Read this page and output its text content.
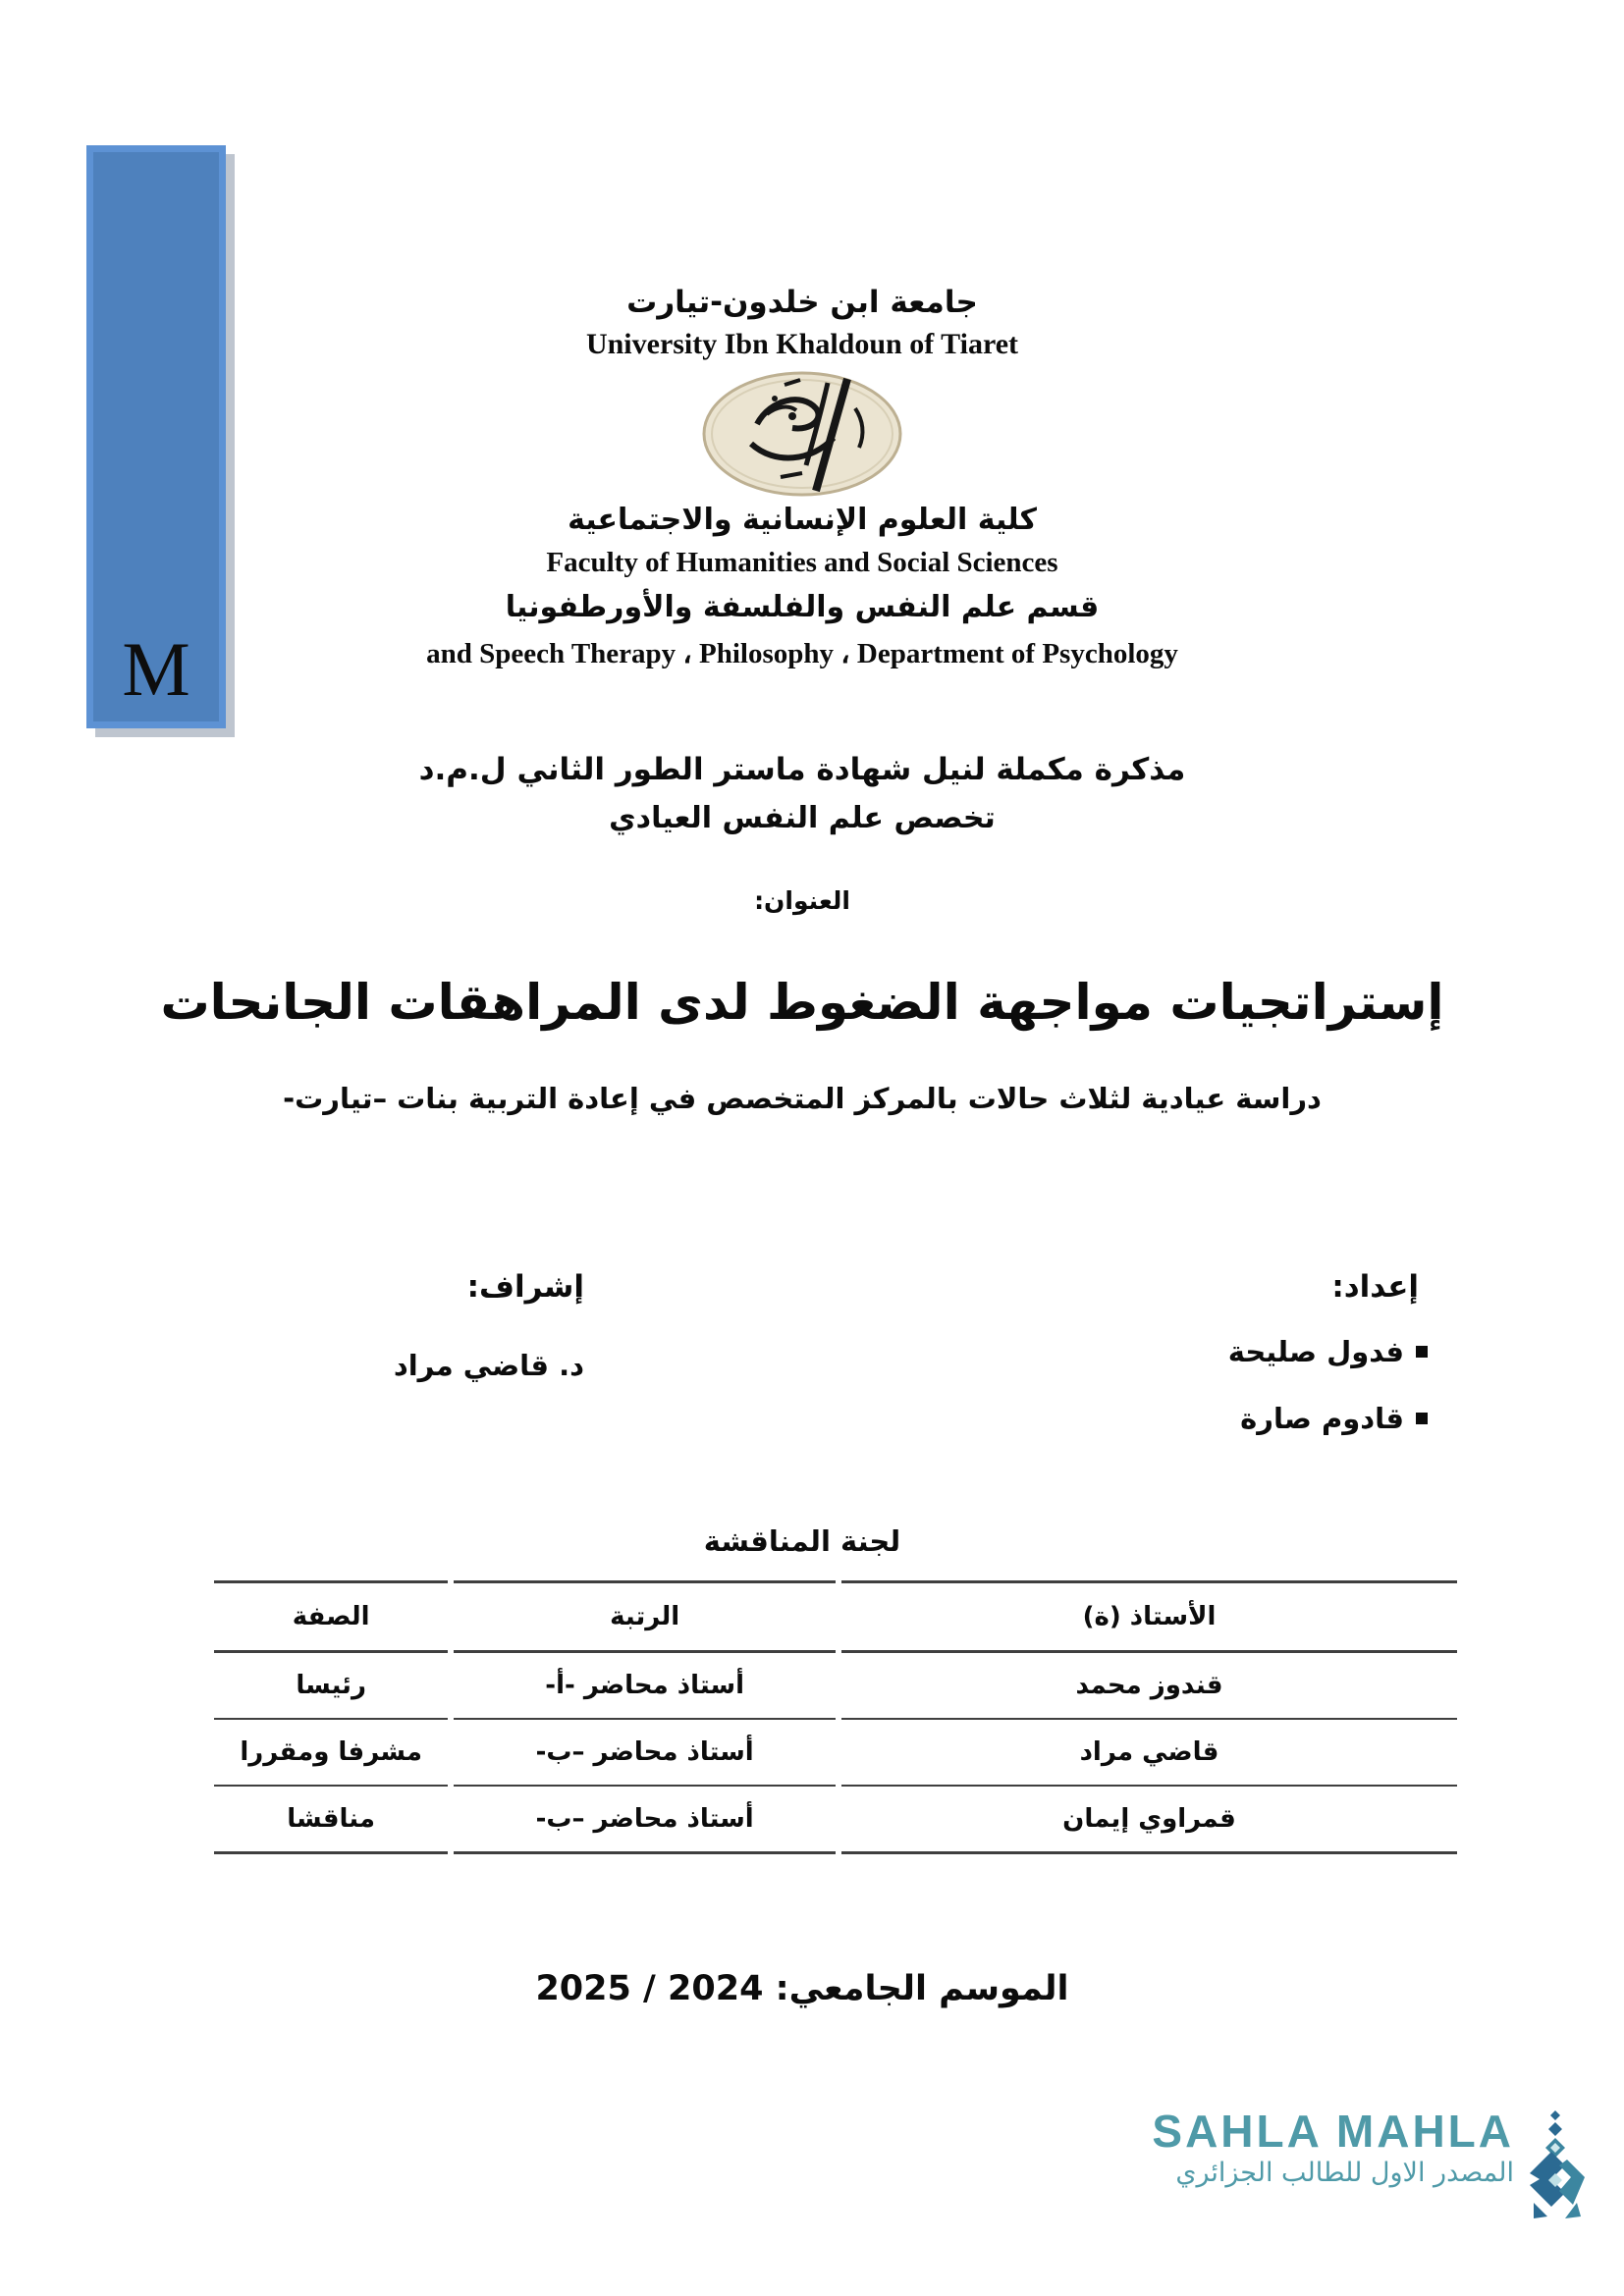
M
جامعة ابن خلدون-تيارت
University Ibn Khaldoun of Tiaret
كلية العلوم الإنسانية والاجتماعية
Faculty of Humanities and Social Sciences
قسم علم النفس والفلسفة والأورطفونيا
and Speech Therapy ، Philosophy ، Department of Psychology
مذكرة مكملة لنيل شهادة ماستر الطور الثاني ل.م.د
تخصص علم النفس العيادي
العنوان:
إستراتجيات مواجهة الضغوط لدى المراهقات الجانحات
دراسة عيادية لثلاث حالات بالمركز المتخصص في إعادة التربية بنات –تيارت-
إعداد:
فدول صليحة
قادوم صارة
إشراف:
د. قاضي مراد
لجنة المناقشة
الأستاذ (ة)	الرتبة	الصفة
قندوز محمد	أستاذ محاضر -أ-	رئيسا
قاضي مراد	أستاذ محاضر –ب-	مشرفا ومقررا
قمراوي إيمان	أستاذ محاضر –ب-	مناقشا
الموسم الجامعي: 2024 / 2025
SAHLA MAHLA
المصدر الاول للطالب الجزائري
